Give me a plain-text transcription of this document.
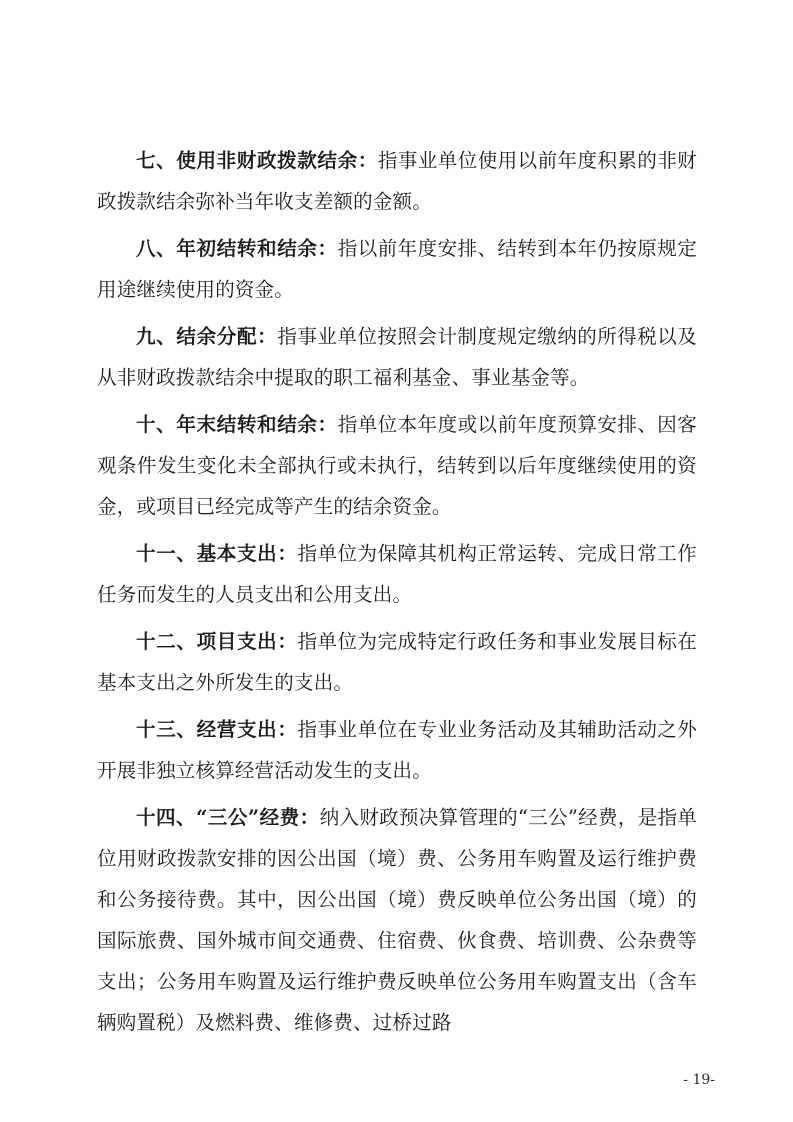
七、使用非财政拨款结余：指事业单位使用以前年度积累的非财政拨款结余弥补当年收支差额的金额。

八、年初结转和结余：指以前年度安排、结转到本年仍按原规定用途继续使用的资金。

九、结余分配：指事业单位按照会计制度规定缴纳的所得税以及从非财政拨款结余中提取的职工福利基金、事业基金等。

十、年末结转和结余：指单位本年度或以前年度预算安排、因客观条件发生变化未全部执行或未执行，结转到以后年度继续使用的资金，或项目已经完成等产生的结余资金。

十一、基本支出：指单位为保障其机构正常运转、完成日常工作任务而发生的人员支出和公用支出。

十二、项目支出：指单位为完成特定行政任务和事业发展目标在基本支出之外所发生的支出。

十三、经营支出：指事业单位在专业业务活动及其辅助活动之外开展非独立核算经营活动发生的支出。

十四、“三公”经费：纳入财政预决算管理的“三公”经费，是指单位用财政拨款安排的因公出国（境）费、公务用车购置及运行维护费和公务接待费。其中，因公出国（境）费反映单位公务出国（境）的国际旅费、国外城市间交通费、住宿费、伙食费、培训费、公杂费等支出；公务用车购置及运行维护费反映单位公务用车购置支出（含车辆购置税）及燃料费、维修费、过桥过路

- 19-
